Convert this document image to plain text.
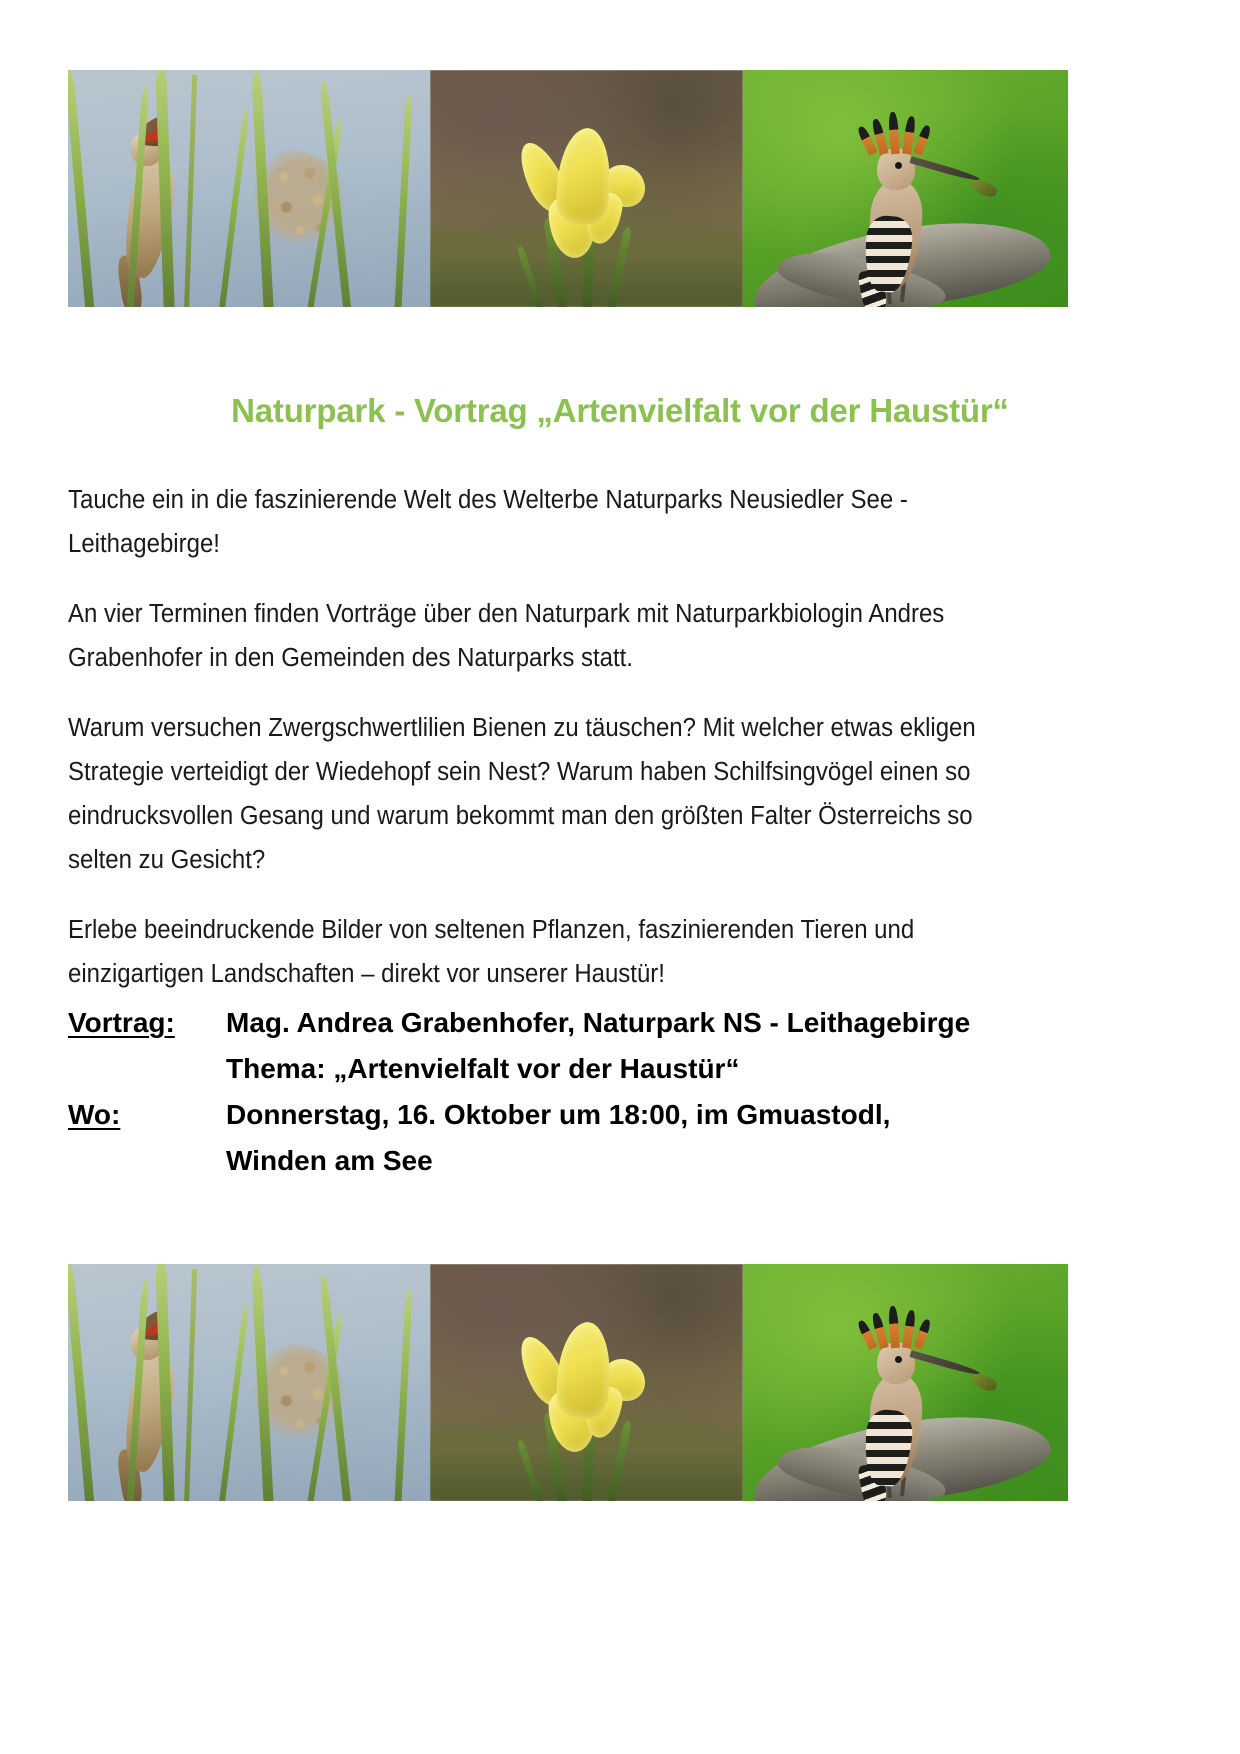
Naturpark - Vortrag „Artenvielfalt vor der Haustür“

Tauche ein in die faszinierende Welt des Welterbe Naturparks Neusiedler See - Leithagebirge!

An vier Terminen finden Vorträge über den Naturpark mit Naturparkbiologin Andres Grabenhofer in den Gemeinden des Naturparks statt.

Warum versuchen Zwergschwertlilien Bienen zu täuschen? Mit welcher etwas ekligen Strategie verteidigt der Wiedehopf sein Nest? Warum haben Schilfsingvögel einen so eindrucksvollen Gesang und warum bekommt man den größten Falter Österreichs so selten zu Gesicht?

Erlebe beeindruckende Bilder von seltenen Pflanzen, faszinierenden Tieren und einzigartigen Landschaften – direkt vor unserer Haustür!

Vortrag:	Mag. Andrea Grabenhofer, Naturpark NS - Leithagebirge
Thema: „Artenvielfalt vor der Haustür“
Wo:	Donnerstag, 16. Oktober um 18:00, im Gmuastodl,
Winden am See
